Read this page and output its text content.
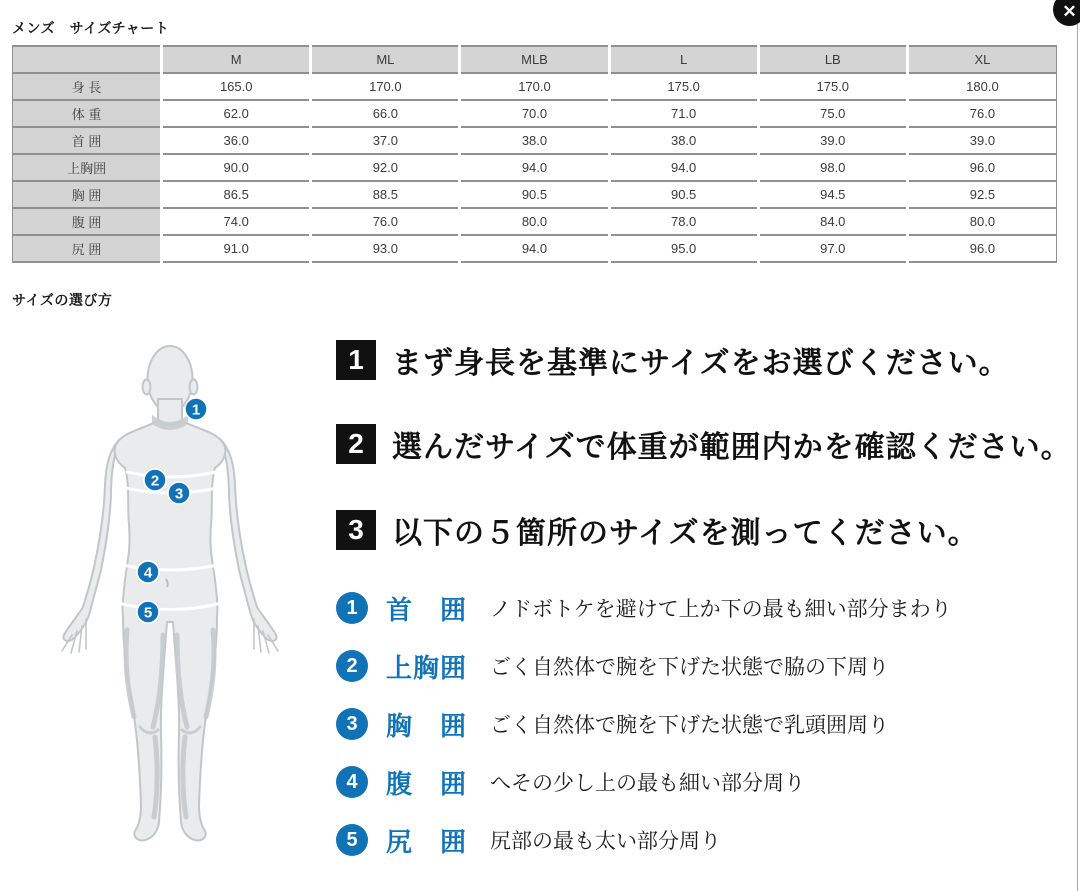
✕
メンズ　サイズチャート
サイズの選び方
	M	ML	MLB	L	LB	XL
身 長	165.0	170.0	170.0	175.0	175.0	180.0
体 重	62.0	66.0	70.0	71.0	75.0	76.0
首 囲	36.0	37.0	38.0	38.0	39.0	39.0
上胸囲	90.0	92.0	94.0	94.0	98.0	96.0
胸 囲	86.5	88.5	90.5	90.5	94.5	92.5
腹 囲	74.0	76.0	80.0	78.0	84.0	80.0
尻 囲	91.0	93.0	94.0	95.0	97.0	96.0
1
2
3
4
5
1 まず身長を基準にサイズをお選びください。
2 選んだサイズで体重が範囲内かを確認ください。
3 以下の５箇所のサイズを測ってください。
1	首　囲 ノドボトケを避けて上か下の最も細い部分まわり
2	上胸囲 ごく自然体で腕を下げた状態で脇の下周り
3	胸　囲 ごく自然体で腕を下げた状態で乳頭囲周り
4	腹　囲 へその少し上の最も細い部分周り
5	尻　囲 尻部の最も太い部分周り
